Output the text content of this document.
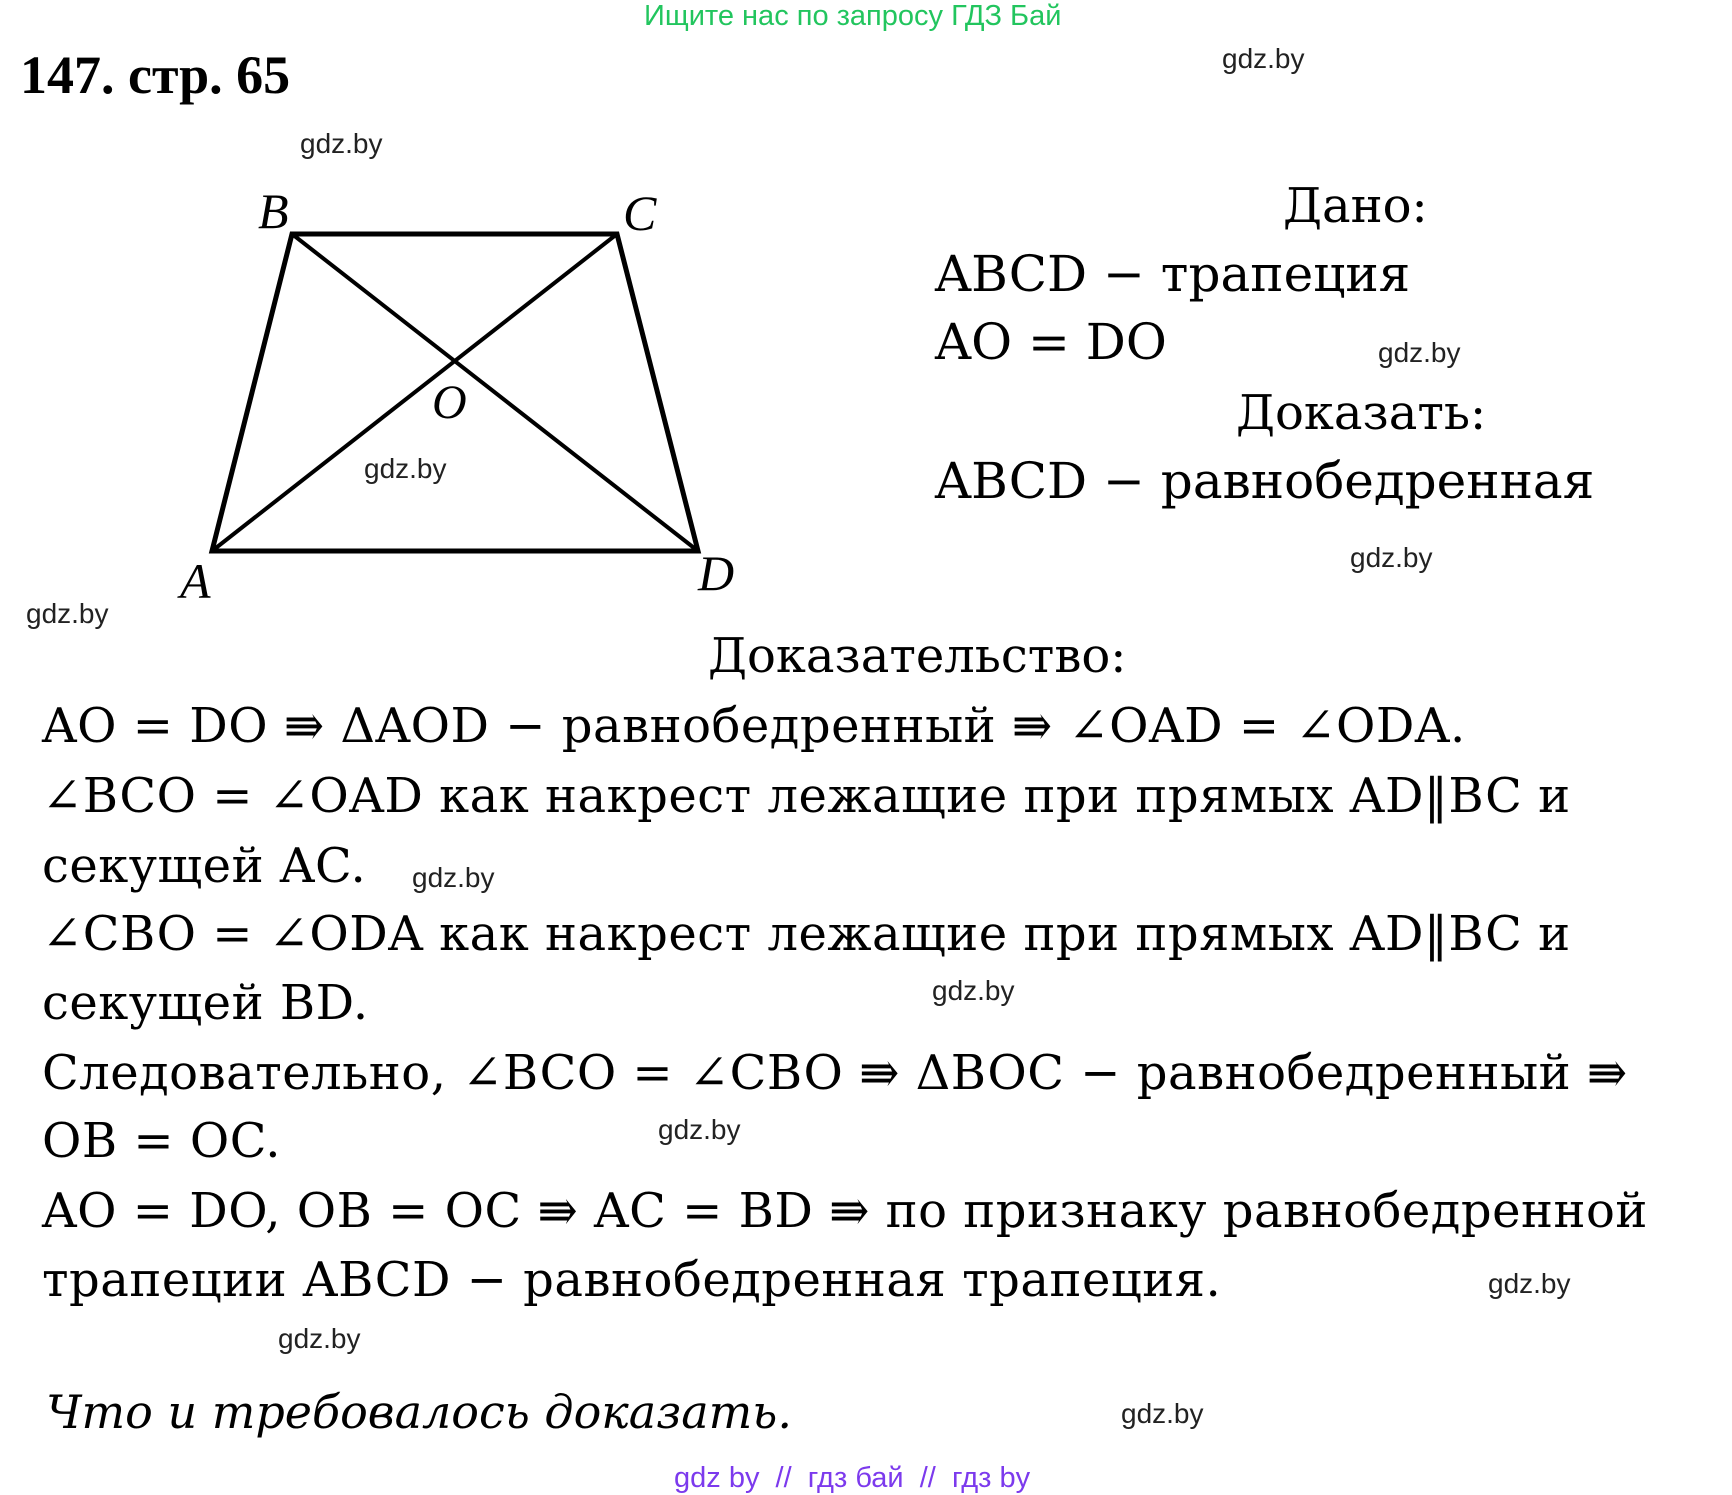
Ищите нас по запросу ГДЗ Бай
147. стр. 65
B	C
O
A	D
Дано:
ABCD − трапеция
AO = DO
Доказать:
ABCD − равнобедренная
Доказательство:
AO = DO ⇛ ΔAOD − равнобедренный ⇛ ∠OAD = ∠ODA.
∠BCO = ∠OAD как накрест лежащие при прямых AD‖BC и
секущей AC.
∠CBO = ∠ODA как накрест лежащие при прямых AD‖BC и
секущей BD.
Следовательно, ∠BCO = ∠CBO ⇛ ΔBOC − равнобедренный ⇛
OB = OC.
AO = DO, OB = OC ⇛ AC = BD ⇛ по признаку равнобедренной
трапеции ABCD − равнобедренная трапеция.
Что и требовалось доказать.
gdz.by
gdz.by
gdz.by
gdz.by
gdz.by
gdz.by
gdz.by
gdz.by
gdz.by
gdz.by
gdz.by
gdz.by
gdz by  //  гдз бай  //  гдз by
